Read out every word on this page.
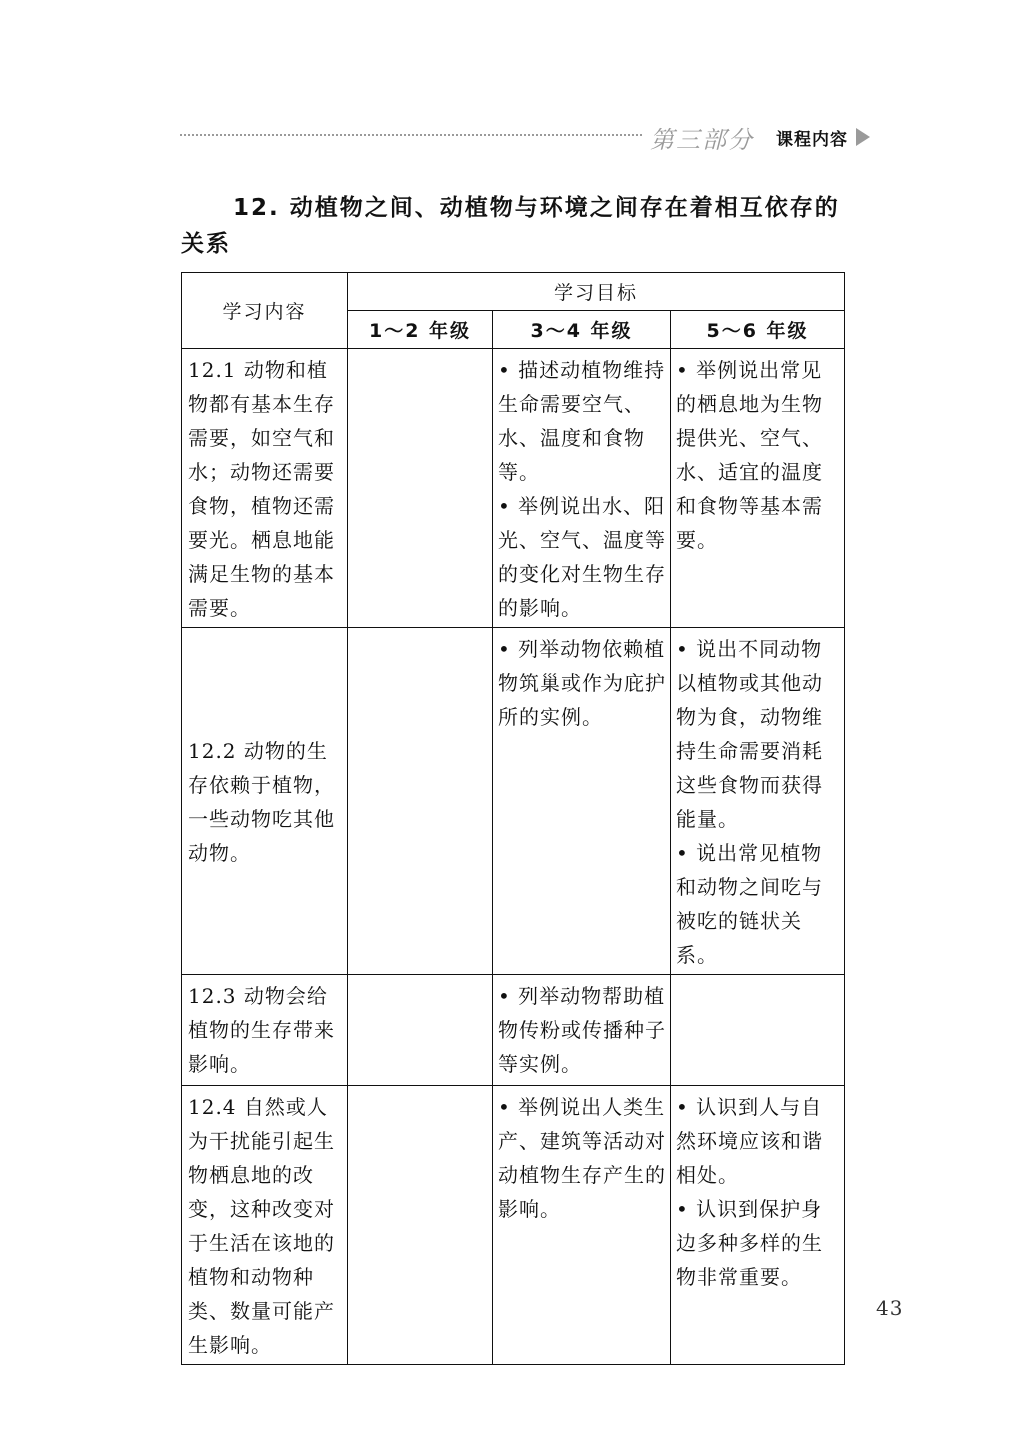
第三部分 课程内容
12. 动植物之间、动植物与环境之间存在着相互依存的关系
学习内容	学习目标		
	1～2 年级	3～4 年级	5～6 年级

12.1 动物和植物都有基本生存需要，如空气和水；动物还需要食物，植物还需要光。栖息地能满足生物的基本需要。		• 描述动植物维持生命需要空气、水、温度和食物等。
• 举例说出水、阳光、空气、温度等的变化对生物生存的影响。	• 举例说出常见的栖息地为生物提供光、空气、水、适宜的温度和食物等基本需要。

12.2 动物的生存依赖于植物，一些动物吃其他动物。		• 列举动物依赖植物筑巢或作为庇护所的实例。	• 说出不同动物以植物或其他动物为食，动物维持生命需要消耗这些食物而获得能量。
• 说出常见植物和动物之间吃与被吃的链状关系。

12.3 动物会给植物的生存带来影响。		• 列举动物帮助植物传粉或传播种子等实例。	

12.4 自然或人为干扰能引起生物栖息地的改变，这种改变对于生活在该地的植物和动物种类、数量可能产生影响。		• 举例说出人类生产、建筑等活动对动植物生存产生的影响。	• 认识到人与自然环境应该和谐相处。
• 认识到保护身边多种多样的生物非常重要。
43
